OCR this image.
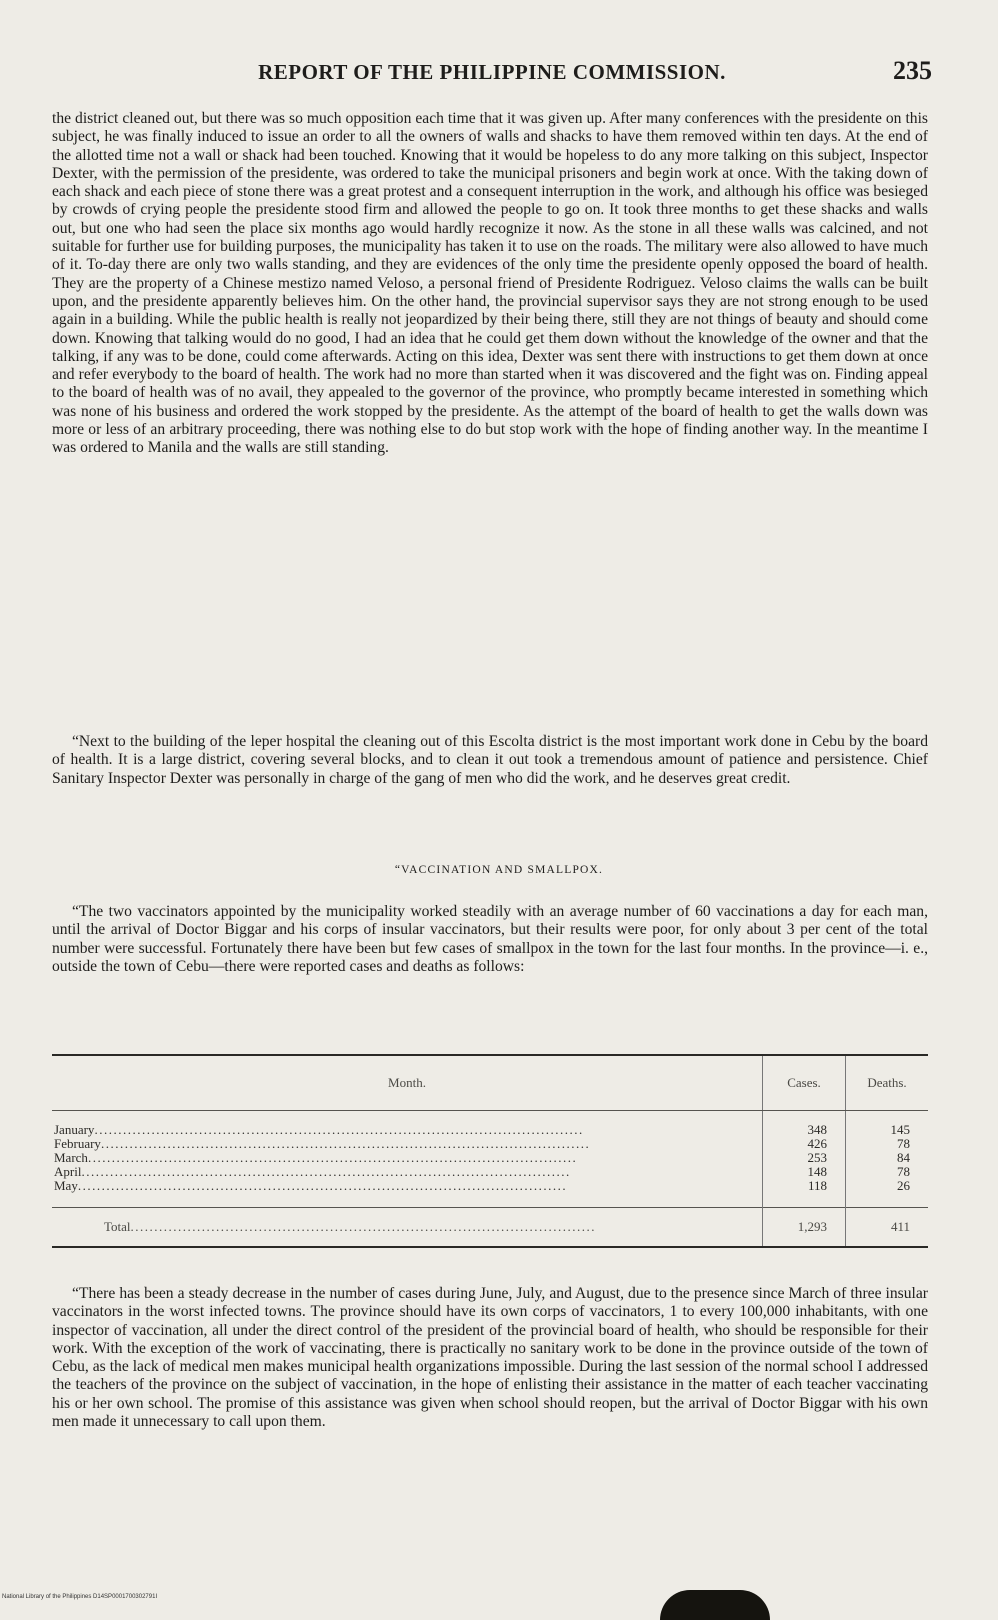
REPORT OF THE PHILIPPINE COMMISSION.	235

the district cleaned out, but there was so much opposition each time that it was given up. After many conferences with the presidente on this subject, he was finally induced to issue an order to all the owners of walls and shacks to have them removed within ten days. At the end of the allotted time not a wall or shack had been touched. Knowing that it would be hopeless to do any more talking on this subject, Inspector Dexter, with the permission of the presidente, was ordered to take the municipal prisoners and begin work at once. With the taking down of each shack and each piece of stone there was a great protest and a consequent interruption in the work, and although his office was besieged by crowds of crying people the presidente stood firm and allowed the people to go on. It took three months to get these shacks and walls out, but one who had seen the place six months ago would hardly recognize it now. As the stone in all these walls was calcined, and not suitable for further use for building purposes, the municipality has taken it to use on the roads. The military were also allowed to have much of it. To-day there are only two walls standing, and they are evidences of the only time the presidente openly opposed the board of health. They are the property of a Chinese mestizo named Veloso, a personal friend of Presidente Rodriguez. Veloso claims the walls can be built upon, and the presidente apparently believes him. On the other hand, the provincial supervisor says they are not strong enough to be used again in a building. While the public health is really not jeopardized by their being there, still they are not things of beauty and should come down. Knowing that talking would do no good, I had an idea that he could get them down without the knowledge of the owner and that the talking, if any was to be done, could come afterwards. Acting on this idea, Dexter was sent there with instructions to get them down at once and refer everybody to the board of health. The work had no more than started when it was discovered and the fight was on. Finding appeal to the board of health was of no avail, they appealed to the governor of the province, who promptly became interested in something which was none of his business and ordered the work stopped by the presidente. As the attempt of the board of health to get the walls down was more or less of an arbitrary proceeding, there was nothing else to do but stop work with the hope of finding another way. In the meantime I was ordered to Manila and the walls are still standing.

“Next to the building of the leper hospital the cleaning out of this Escolta district is the most important work done in Cebu by the board of health. It is a large district, covering several blocks, and to clean it out took a tremendous amount of patience and persistence. Chief Sanitary Inspector Dexter was personally in charge of the gang of men who did the work, and he deserves great credit.

“VACCINATION AND SMALLPOX.

“The two vaccinators appointed by the municipality worked steadily with an average number of 60 vaccinations a day for each man, until the arrival of Doctor Biggar and his corps of insular vaccinators, but their results were poor, for only about 3 per cent of the total number were successful. Fortunately there have been but few cases of smallpox in the town for the last four months. In the province—i. e., outside the town of Cebu—there were reported cases and deaths as follows:

Month.	Cases.	Deaths.
January.......................................................................................................	348	145
February.......................................................................................................	426	78
March.......................................................................................................	253	84
April.......................................................................................................	148	78
May.......................................................................................................	118	26
Total..................................................................................................	1,293	411

“There has been a steady decrease in the number of cases during June, July, and August, due to the presence since March of three insular vaccinators in the worst infected towns. The province should have its own corps of vaccinators, 1 to every 100,000 inhabitants, with one inspector of vaccination, all under the direct control of the president of the provincial board of health, who should be responsible for their work. With the exception of the work of vaccinating, there is practically no sanitary work to be done in the province outside of the town of Cebu, as the lack of medical men makes municipal health organizations impossible. During the last session of the normal school I addressed the teachers of the province on the subject of vaccination, in the hope of enlisting their assistance in the matter of each teacher vaccinating his or her own school. The promise of this assistance was given when school should reopen, but the arrival of Doctor Biggar with his own men made it unnecessary to call upon them.

National Library of the Philippines D14SP0001700302791I
